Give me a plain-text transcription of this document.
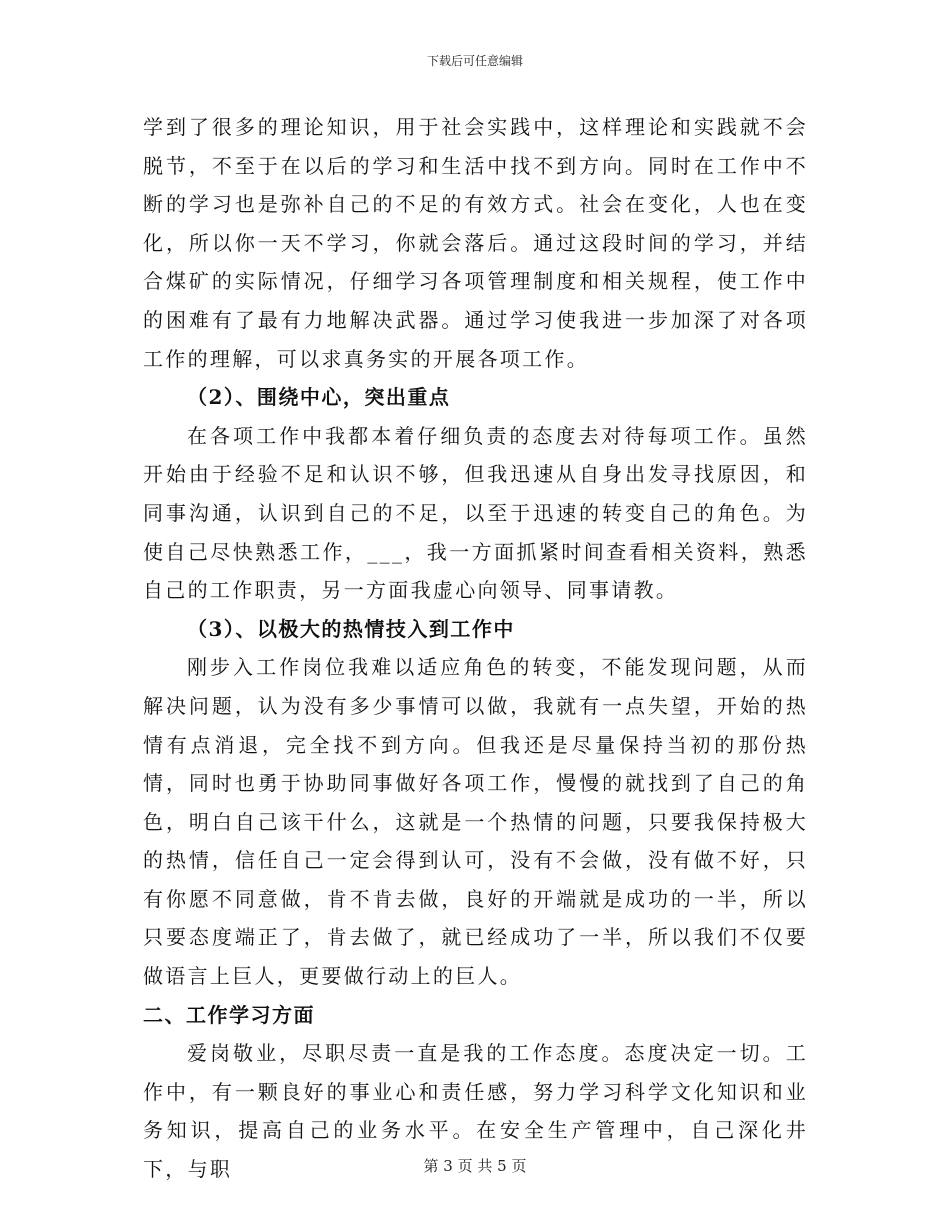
下载后可任意编辑

学到了很多的理论知识，用于社会实践中，这样理论和实践就不会脱节，不至于在以后的学习和生活中找不到方向。同时在工作中不断的学习也是弥补自己的不足的有效方式。社会在变化，人也在变化，所以你一天不学习，你就会落后。通过这段时间的学习，并结合煤矿的实际情况，仔细学习各项管理制度和相关规程，使工作中的困难有了最有力地解决武器。通过学习使我进一步加深了对各项工作的理解，可以求真务实的开展各项工作。

（2）、围绕中心，突出重点

在各项工作中我都本着仔细负责的态度去对待每项工作。虽然开始由于经验不足和认识不够，但我迅速从自身出发寻找原因，和同事沟通，认识到自己的不足，以至于迅速的转变自己的角色。为使自己尽快熟悉工作，___，我一方面抓紧时间查看相关资料，熟悉自己的工作职责，另一方面我虚心向领导、同事请教。

（3）、以极大的热情技入到工作中

刚步入工作岗位我难以适应角色的转变，不能发现问题，从而解决问题，认为没有多少事情可以做，我就有一点失望，开始的热情有点消退，完全找不到方向。但我还是尽量保持当初的那份热情，同时也勇于协助同事做好各项工作，慢慢的就找到了自己的角色，明白自己该干什么，这就是一个热情的问题，只要我保持极大的热情，信任自己一定会得到认可，没有不会做，没有做不好，只有你愿不同意做，肯不肯去做，良好的开端就是成功的一半，所以只要态度端正了，肯去做了，就已经成功了一半，所以我们不仅要做语言上巨人，更要做行动上的巨人。

二、工作学习方面

爱岗敬业，尽职尽责一直是我的工作态度。态度决定一切。工作中，有一颗良好的事业心和责任感，努力学习科学文化知识和业务知识，提高自己的业务水平。在安全生产管理中，自己深化井下，与职	第 3 页 共 5 页
